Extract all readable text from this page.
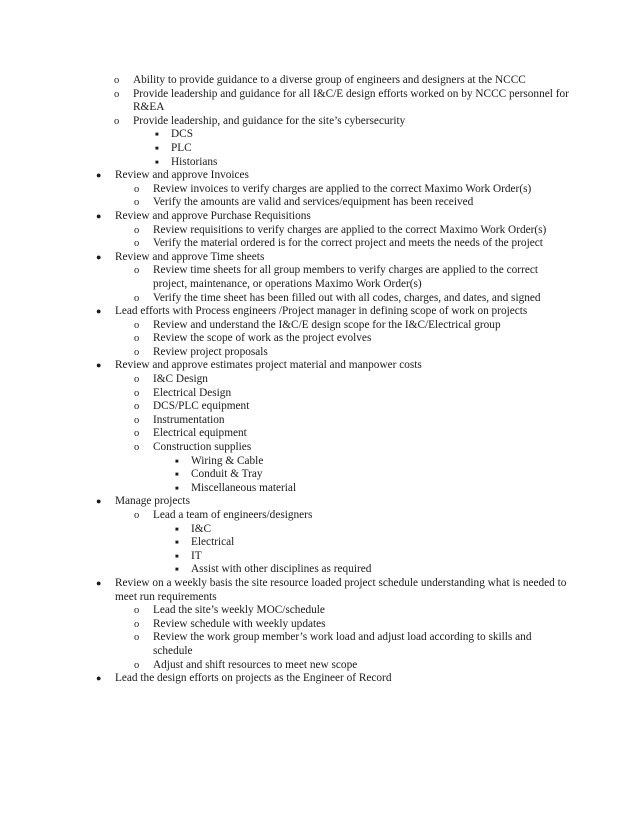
o Ability to provide guidance to a diverse group of engineers and designers at the NCCC
o Provide leadership and guidance for all I&C/E design efforts worked on by NCCC personnel for R&EA
o Provide leadership, and guidance for the site’s cybersecurity
■ DCS
■ PLC
■ Historians
● Review and approve Invoices
o Review invoices to verify charges are applied to the correct Maximo Work Order(s)
o Verify the amounts are valid and services/equipment has been received
● Review and approve Purchase Requisitions
o Review requisitions to verify charges are applied to the correct Maximo Work Order(s)
o Verify the material ordered is for the correct project and meets the needs of the project
● Review and approve Time sheets
o Review time sheets for all group members to verify charges are applied to the correct project, maintenance, or operations Maximo Work Order(s)
o Verify the time sheet has been filled out with all codes, charges, and dates, and signed
● Lead efforts with Process engineers /Project manager in defining scope of work on projects
o Review and understand the I&C/E design scope for the I&C/Electrical group
o Review the scope of work as the project evolves
o Review project proposals
● Review and approve estimates project material and manpower costs
o I&C Design
o Electrical Design
o DCS/PLC equipment
o Instrumentation
o Electrical equipment
o Construction supplies
■ Wiring & Cable
■ Conduit & Tray
■ Miscellaneous material
● Manage projects
o Lead a team of engineers/designers
■ I&C
■ Electrical
■ IT
■ Assist with other disciplines as required
● Review on a weekly basis the site resource loaded project schedule understanding what is needed to meet run requirements
o Lead the site’s weekly MOC/schedule
o Review schedule with weekly updates
o Review the work group member’s work load and adjust load according to skills and schedule
o Adjust and shift resources to meet new scope
● Lead the design efforts on projects as the Engineer of Record
